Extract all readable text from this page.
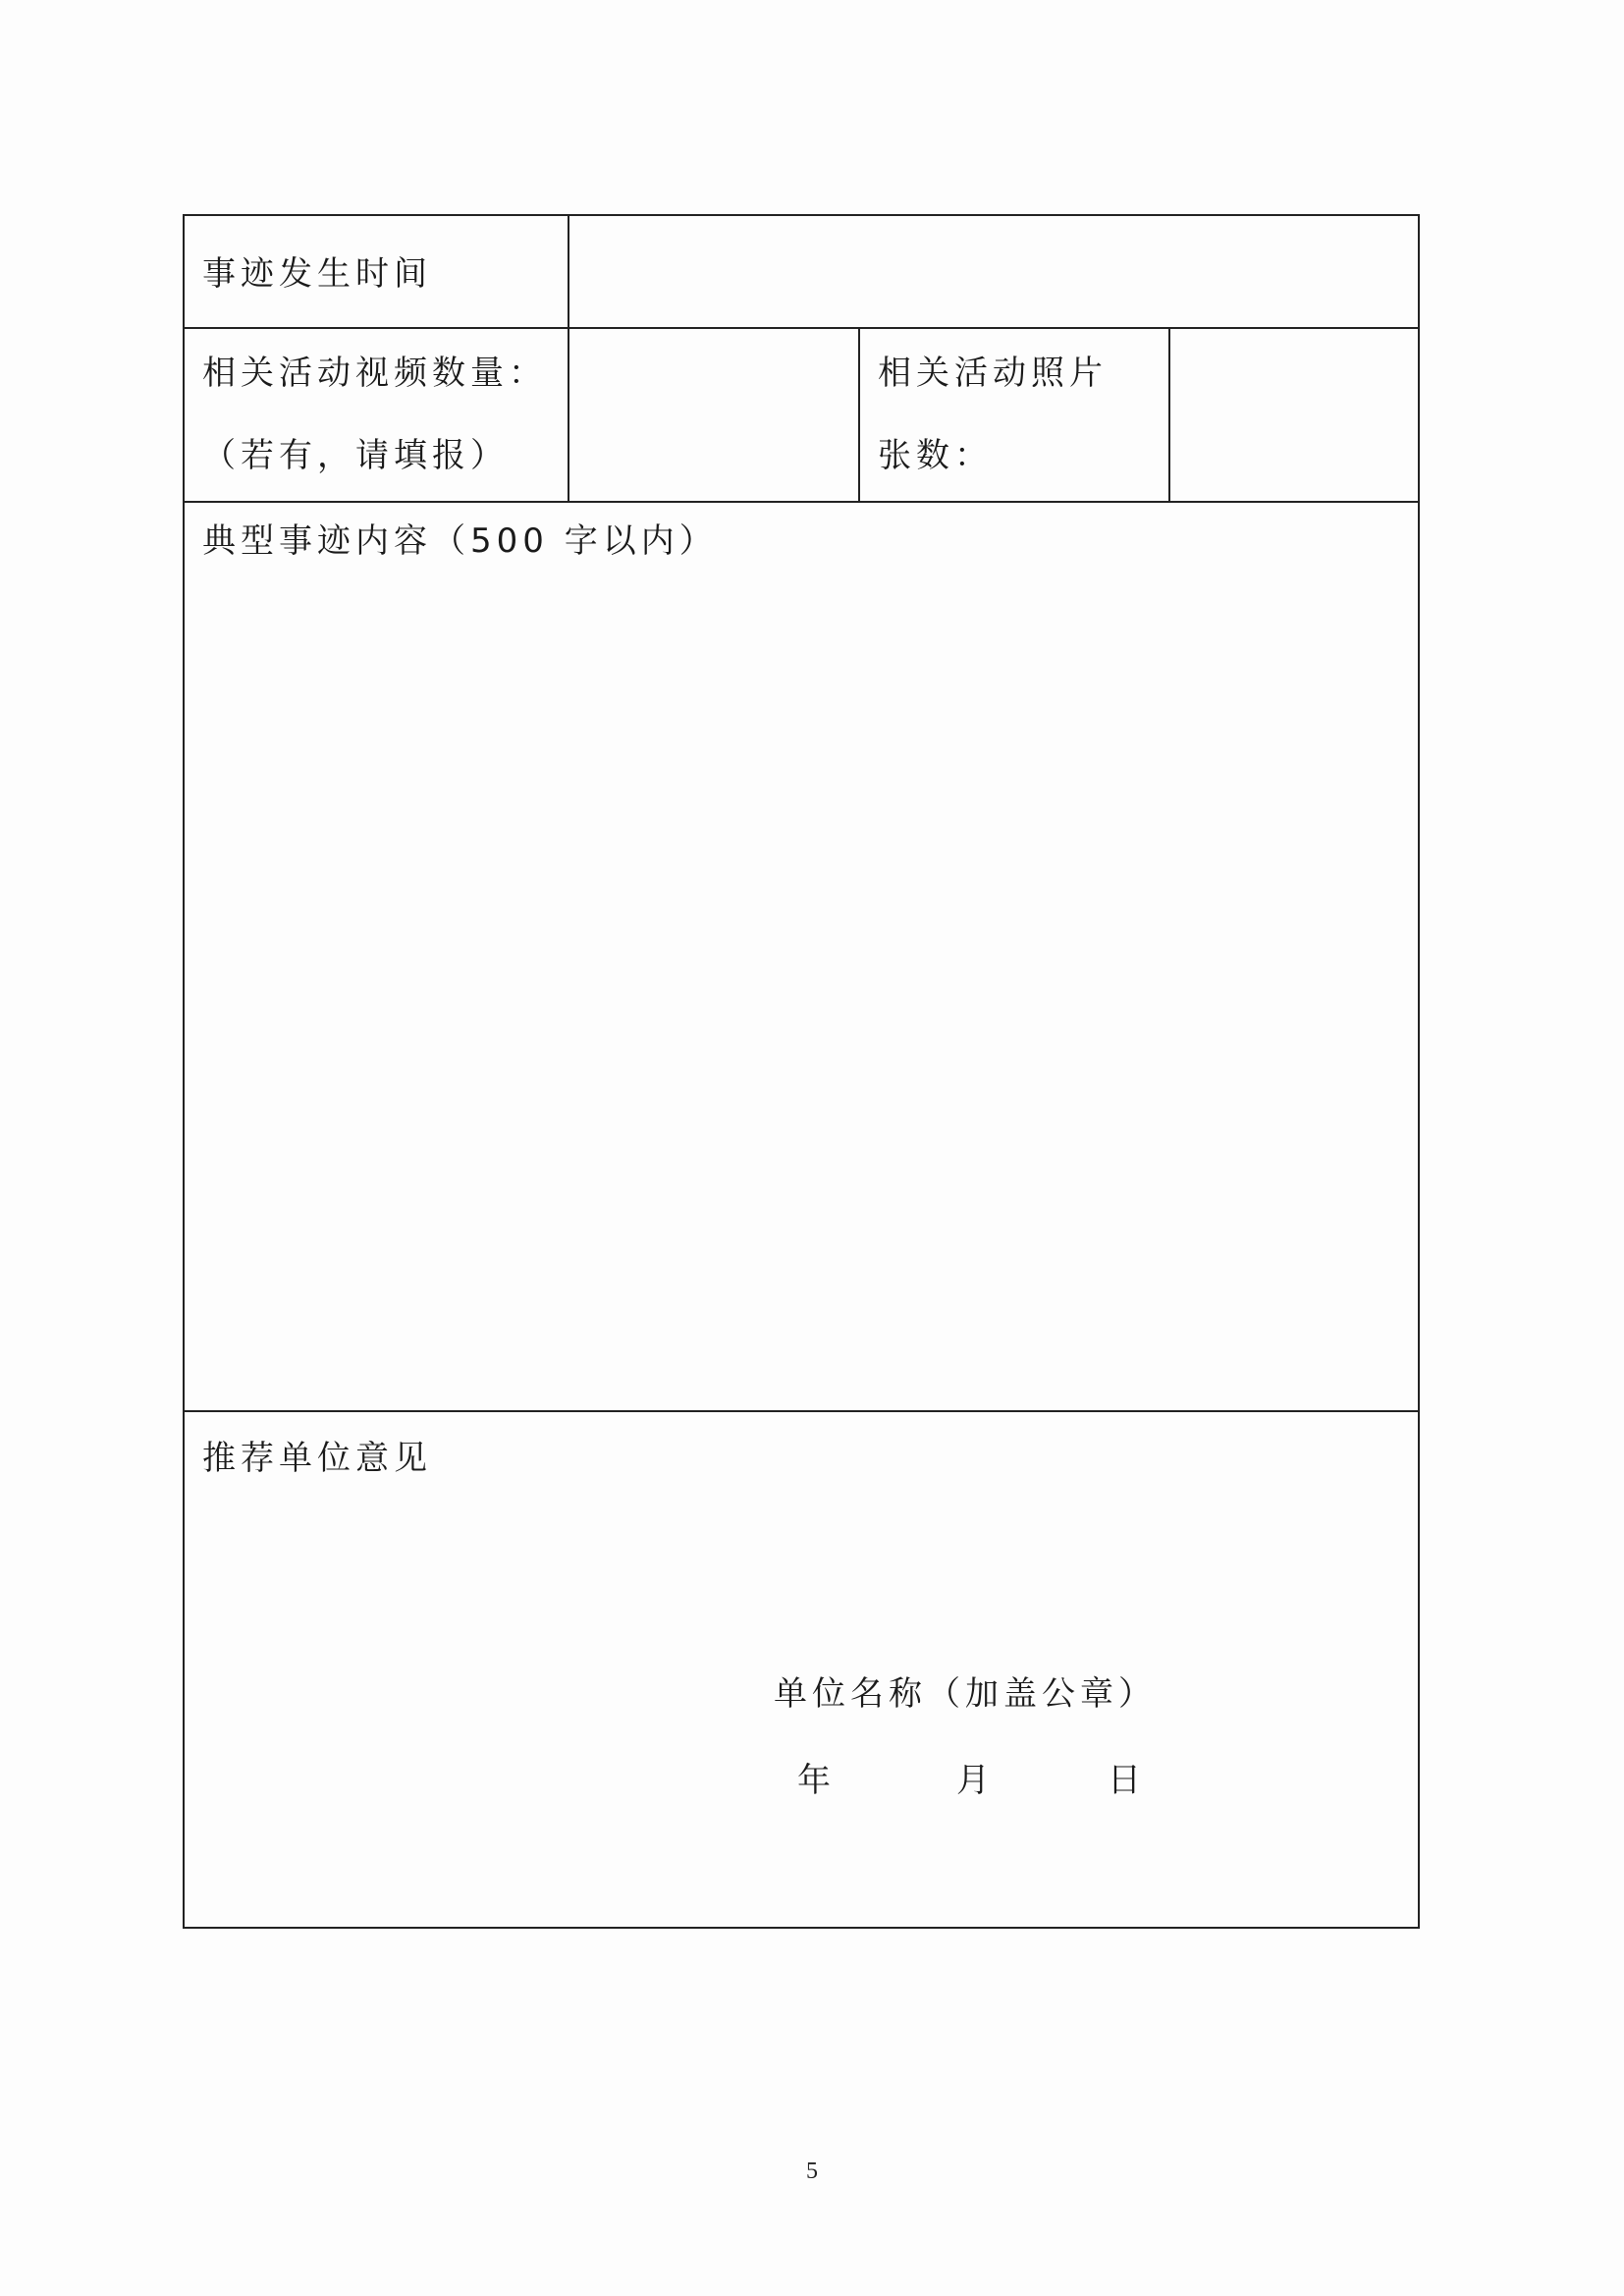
事迹发生时间
相关活动视频数量：
（若有，请填报）
相关活动照片
张数：
典型事迹内容（500 字以内）
推荐单位意见
单位名称（加盖公章）
年	月	日
5
